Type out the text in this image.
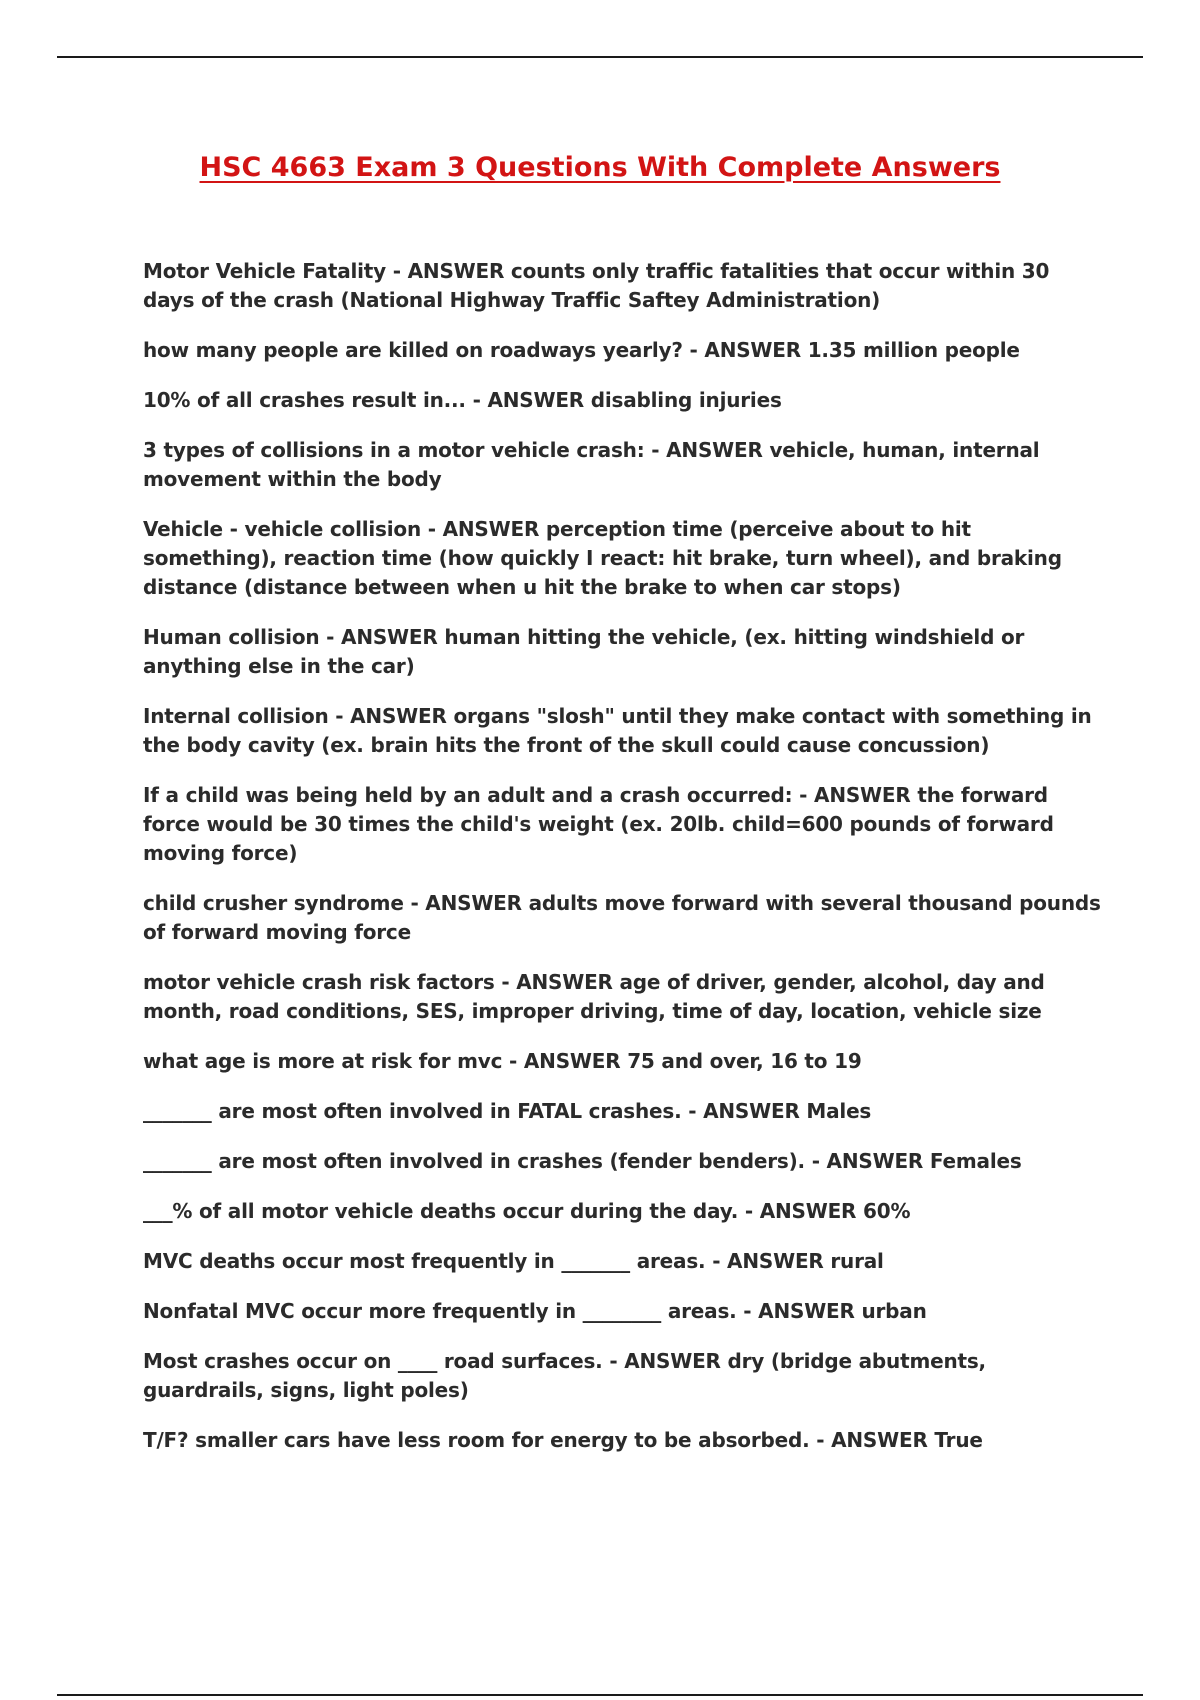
HSC 4663 Exam 3 Questions With Complete Answers
Motor Vehicle Fatality - ANSWER counts only traffic fatalities that occur within 30 days of the crash (National Highway Traffic Saftey Administration)
how many people are killed on roadways yearly? - ANSWER 1.35 million people
10% of all crashes result in... - ANSWER disabling injuries
3 types of collisions in a motor vehicle crash: - ANSWER vehicle, human, internal movement within the body
Vehicle - vehicle collision - ANSWER perception time (perceive about to hit something), reaction time (how quickly I react: hit brake, turn wheel), and braking distance (distance between when u hit the brake to when car stops)
Human collision - ANSWER human hitting the vehicle, (ex. hitting windshield or anything else in the car)
Internal collision - ANSWER organs "slosh" until they make contact with something in the body cavity (ex. brain hits the front of the skull could cause concussion)
If a child was being held by an adult and a crash occurred: - ANSWER the forward force would be 30 times the child's weight (ex. 20lb. child=600 pounds of forward moving force)
child crusher syndrome - ANSWER adults move forward with several thousand pounds of forward moving force
motor vehicle crash risk factors - ANSWER age of driver, gender, alcohol, day and month, road conditions, SES, improper driving, time of day, location, vehicle size
what age is more at risk for mvc - ANSWER 75 and over, 16 to 19
_______ are most often involved in FATAL crashes. - ANSWER Males
_______ are most often involved in crashes (fender benders). - ANSWER Females
___% of all motor vehicle deaths occur during the day. - ANSWER 60%
MVC deaths occur most frequently in _______ areas. - ANSWER rural
Nonfatal MVC occur more frequently in ________ areas. - ANSWER urban
Most crashes occur on ____ road surfaces. - ANSWER dry (bridge abutments, guardrails, signs, light poles)
T/F? smaller cars have less room for energy to be absorbed. - ANSWER True
